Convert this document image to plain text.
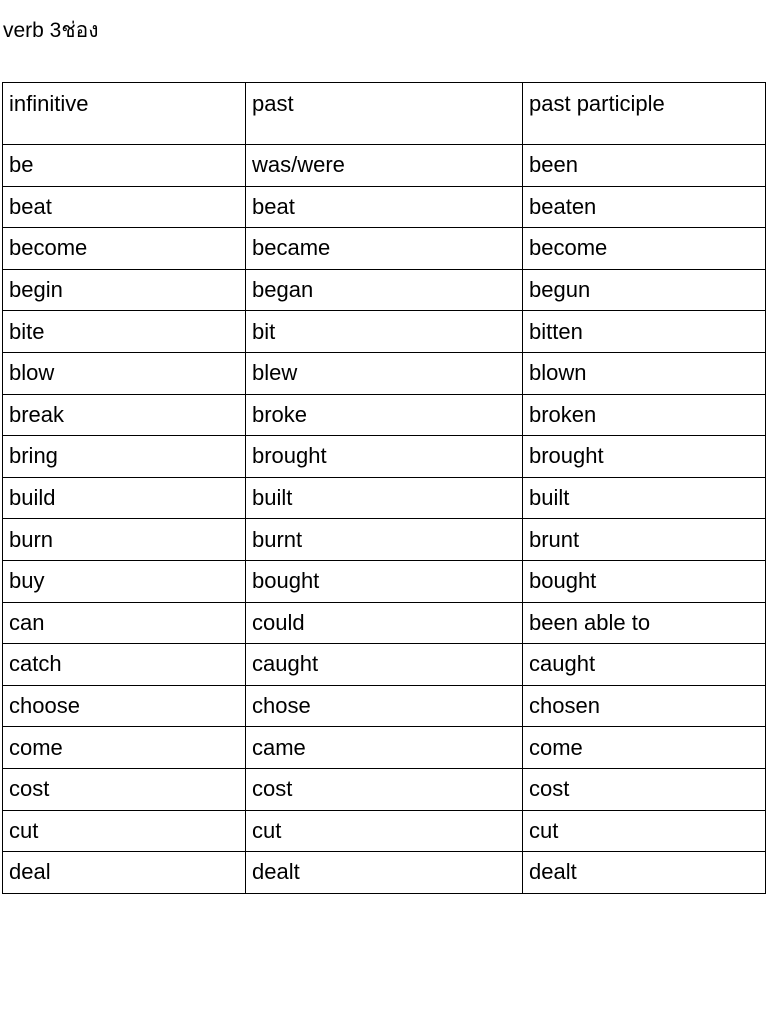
verb 3ช่อง
infinitive	past	past participle
be	was/were	been
beat	beat	beaten
become	became	become
begin	began	begun
bite	bit	bitten
blow	blew	blown
break	broke	broken
bring	brought	brought
build	built	built
burn	burnt	brunt
buy	bought	bought
can	could	been able to
catch	caught	caught
choose	chose	chosen
come	came	come
cost	cost	cost
cut	cut	cut
deal	dealt	dealt
